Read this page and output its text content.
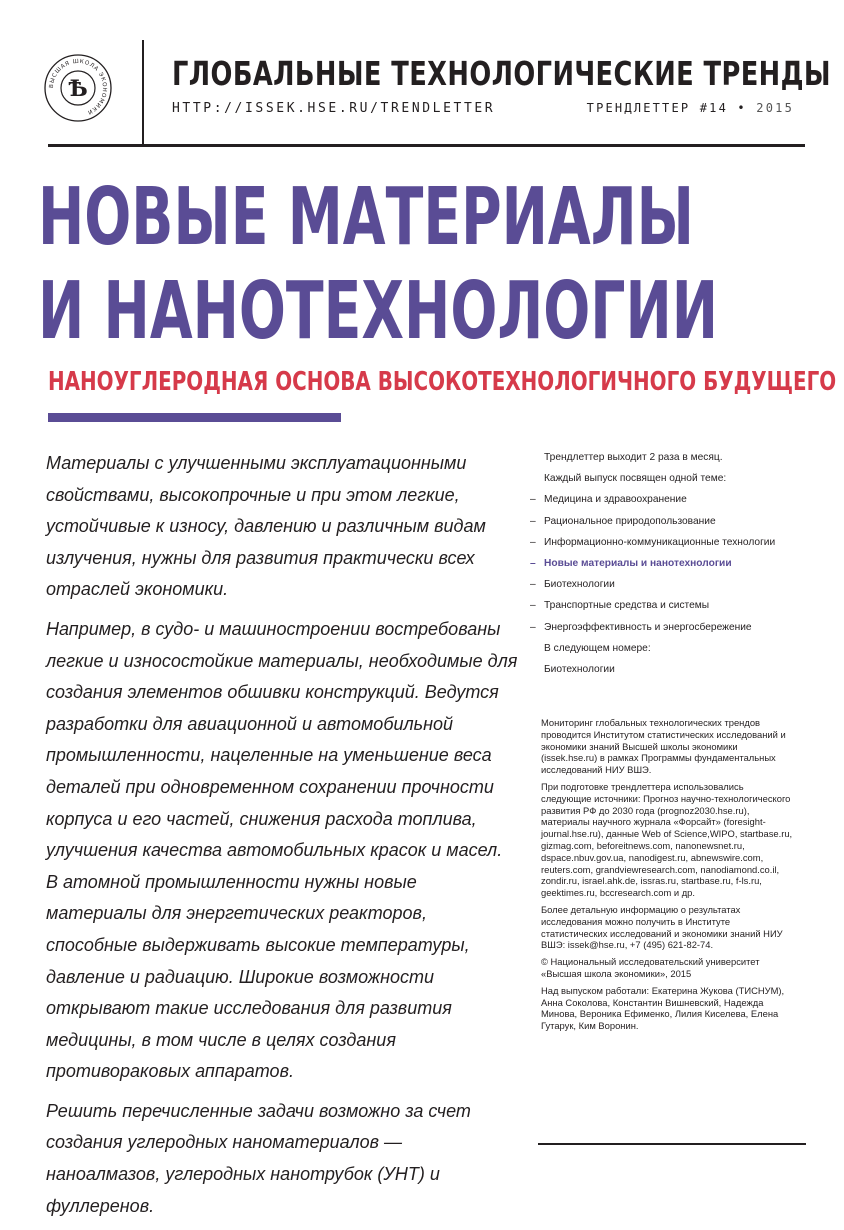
ВЫСШАЯ ШКОЛА ЭКОНОМИКИ
Ѣ	ГЛОБАЛЬНЫЕ ТЕХНОЛОГИЧЕСКИЕ ТРЕНДЫ
HTTP://ISSEK.HSE.RU/TRENDLETTER	ТРЕНДЛЕТТЕР #14 • 2015
НОВЫЕ МАТЕРИАЛЫ
И НАНОТЕХНОЛОГИИ
НАНОУГЛЕРОДНАЯ ОСНОВА ВЫСОКОТЕХНОЛОГИЧНОГО БУДУЩЕГО

Материалы с улучшенными эксплуатационными свойствами, высокопрочные и при этом легкие, устойчивые к износу, давлению и различным видам излучения, нужны для развития практически всех отраслей экономики.

Например, в судо- и машиностроении востребованы легкие и износостойкие материалы, необходимые для создания элементов обшивки конструкций. Ведутся разработки для авиационной и автомобильной промышленности, нацеленные на уменьшение веса деталей при одновременном сохранении прочности корпуса и его частей, снижения расхода топлива, улучшения качества автомобильных красок и масел. В атомной промышленности нужны новые материалы для энергетических реакторов, способные выдерживать высокие температуры, давление и радиацию. Широкие возможности открывают такие исследования для развития медицины, в том числе в целях создания противораковых аппаратов.

Решить перечисленные задачи возможно за счет создания углеродных наноматериалов — наноалмазов, углеродных нанотрубок (УНТ) и фуллеренов.

Трендлеттер выходит 2 раза в месяц.
Каждый выпуск посвящен одной теме:
– Медицина и здравоохранение
– Рациональное природопользование
– Информационно-коммуникационные технологии
– Новые материалы и нанотехнологии
– Биотехнологии
– Транспортные средства и системы
– Энергоэффективность и энергосбережение
В следующем номере:
Биотехнологии

Мониторинг глобальных технологических трендов проводится Институтом статистических исследований и экономики знаний Высшей школы экономики (issek.hse.ru) в рамках Программы фундаментальных исследований НИУ ВШЭ.

При подготовке трендлеттера использовались следующие источники: Прогноз научно-технологического развития РФ до 2030 года (prognoz2030.hse.ru), материалы научного журнала «Форсайт» (foresight-journal.hse.ru), данные Web of Science,WIPO, startbase.ru, gizmag.com, beforeitnews.com, nanonewsnet.ru, dspace.nbuv.gov.ua, nanodigest.ru, abnewswire.com, reuters.com, grandviewresearch.com, nanodiamond.co.il, zondir.ru, israel.ahk.de, issras.ru, startbase.ru, f-ls.ru, geektimes.ru, bccresearch.com и др.

Более детальную информацию о результатах исследования можно получить в Институте статистических исследований и экономики знаний НИУ ВШЭ: issek@hse.ru, +7 (495) 621-82-74.

© Национальный исследовательский университет «Высшая школа экономики», 2015

Над выпуском работали: Екатерина Жукова (ТИСНУМ), Анна Соколова, Константин Вишневский, Надежда Минова, Вероника Ефименко, Лилия Киселева, Елена Гутарук, Ким Воронин.
